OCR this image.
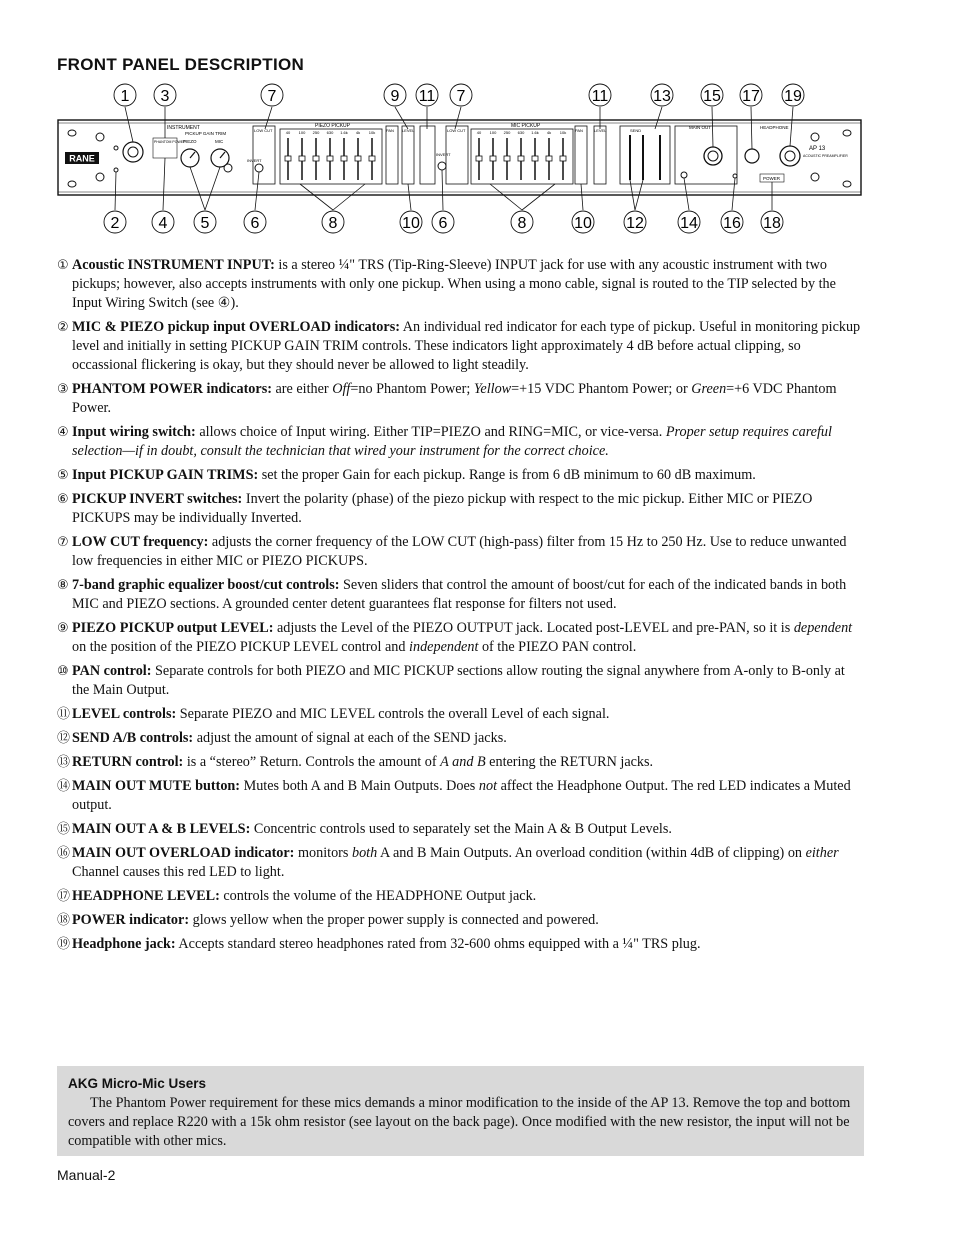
FRONT PANEL DESCRIPTION
RANE
INSTRUMENT
PICKUP GAIN TRIM
PHANTOM POWER
PIEZO	MIC
LOW CUT
INVERT
PIEZO PICKUP
40 100 250 630 1.6k 4k 10k	PAN LEVEL	LOW CUT
INVERT
MIC PICKUP
40 100 250 630 1.6k 4k 10k PAN	LEVEL	SEND
MAIN OUT	HEADPHONE
POWER
AP 13
ACOUSTIC PREAMPLIFIER
1 3	7	9 11 7	11	13 15 17 19
2 4 5	6	8	10 6	8	10 12 14 16 18
① Acoustic INSTRUMENT INPUT: is a stereo ¼" TRS (Tip-Ring-Sleeve) INPUT jack for use with any acoustic instrument with two pickups; however, also accepts instruments with only one pickup. When using a mono cable, signal is routed to the TIP selected by the Input Wiring Switch (see ④).
② MIC & PIEZO pickup input OVERLOAD indicators: An individual red indicator for each type of pickup. Useful in monitoring pickup level and initially in setting PICKUP GAIN TRIM controls. These indicators light approximately 4 dB before actual clipping, so occassional flickering is okay, but they should never be allowed to light steadily.
③ PHANTOM POWER indicators: are either Off=no Phantom Power; Yellow=+15 VDC Phantom Power; or Green=+6 VDC Phantom Power.
④ Input wiring switch: allows choice of Input wiring. Either TIP=PIEZO and RING=MIC, or vice-versa. Proper setup requires careful selection—if in doubt, consult the technician that wired your instrument for the correct choice.
⑤ Input PICKUP GAIN TRIMS: set the proper Gain for each pickup. Range is from 6 dB minimum to 60 dB maximum.
⑥ PICKUP INVERT switches: Invert the polarity (phase) of the piezo pickup with respect to the mic pickup. Either MIC or PIEZO PICKUPS may be individually Inverted.
⑦ LOW CUT frequency: adjusts the corner frequency of the LOW CUT (high-pass) filter from 15 Hz to 250 Hz. Use to reduce unwanted low frequencies in either MIC or PIEZO PICKUPS.
⑧ 7-band graphic equalizer boost/cut controls: Seven sliders that control the amount of boost/cut for each of the indicated bands in both MIC and PIEZO sections. A grounded center detent guarantees flat response for filters not used.
⑨ PIEZO PICKUP output LEVEL: adjusts the Level of the PIEZO OUTPUT jack. Located post-LEVEL and pre-PAN, so it is dependent on the position of the PIEZO PICKUP LEVEL control and independent of the PIEZO PAN control.
⑩ PAN control: Separate controls for both PIEZO and MIC PICKUP sections allow routing the signal anywhere from A-only to B-only at the Main Output.
⑪ LEVEL controls: Separate PIEZO and MIC LEVEL controls the overall Level of each signal.
⑫ SEND A/B controls: adjust the amount of signal at each of the SEND jacks.
⑬ RETURN control: is a “stereo” Return. Controls the amount of A and B entering the RETURN jacks.
⑭ MAIN OUT MUTE button: Mutes both A and B Main Outputs. Does not affect the Headphone Output. The red LED indicates a Muted output.
⑮ MAIN OUT A & B LEVELS: Concentric controls used to separately set the Main A & B Output Levels.
⑯ MAIN OUT OVERLOAD indicator: monitors both A and B Main Outputs. An overload condition (within 4dB of clipping) on either Channel causes this red LED to light.
⑰ HEADPHONE LEVEL: controls the volume of the HEADPHONE Output jack.
⑱ POWER indicator: glows yellow when the proper power supply is connected and powered.
⑲ Headphone jack: Accepts standard stereo headphones rated from 32-600 ohms equipped with a ¼" TRS plug.
AKG Micro-Mic Users
The Phantom Power requirement for these mics demands a minor modification to the inside of the AP 13. Remove the top and bottom covers and replace R220 with a 15k ohm resistor (see layout on the back page). Once modified with the new resistor, the input will not be compatible with other mics.
Manual-2
